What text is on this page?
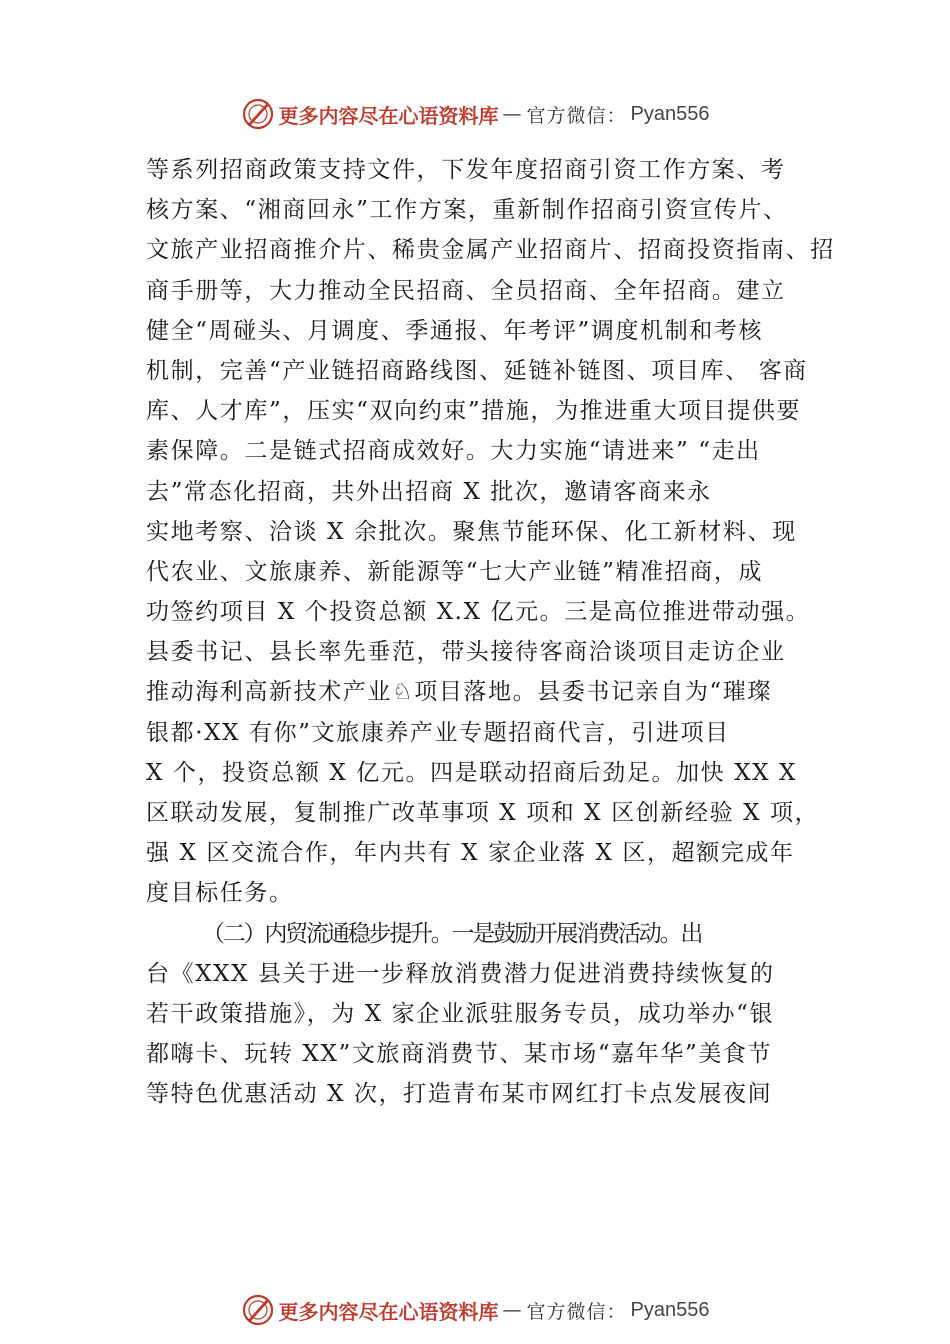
更多内容尽在心语资料库 — 官方微信： Pyan556
等系列招商政策支持文件，下发年度招商引资工作方案、考
核方案、“湘商回永”工作方案，重新制作招商引资宣传片、
文旅产业招商推介片、稀贵金属产业招商片、招商投资指南、招
商手册等，大力推动全民招商、全员招商、全年招商。建立
健全“周碰头、月调度、季通报、年考评”调度机制和考核
机制，完善“产业链招商路线图、延链补链图、项目库、 客商
库、人才库”，压实“双向约束”措施，为推进重大项目提供要
素保障。二是链式招商成效好。大力实施“请进来” “走出
去”常态化招商，共外出招商 X 批次，邀请客商来永
实地考察、洽谈 X 余批次。聚焦节能环保、化工新材料、现
代农业、文旅康养、新能源等“七大产业链”精准招商，成
功签约项目 X 个投资总额 X.X 亿元。三是高位推进带动强。
县委书记、县长率先垂范，带头接待客商洽谈项目走访企业
推动海利高新技术产业♘项目落地。县委书记亲自为“璀璨
银都·XX 有你”文旅康养产业专题招商代言，引进项目
X 个，投资总额 X 亿元。四是联动招商后劲足。加快 XX X
区联动发展，复制推广改革事项 X 项和 X 区创新经验 X 项，
强 X 区交流合作，年内共有 X 家企业落 X 区，超额完成年
度目标任务。
（二）内贸流通稳步提升。一是鼓励开展消费活动。出
台《XXX 县关于进一步释放消费潜力促进消费持续恢复的
若干政策措施》，为 X 家企业派驻服务专员，成功举办“银
都嗨卡、玩转 XX”文旅商消费节、某市场“嘉年华”美食节
等特色优惠活动 X 次，打造青布某市网红打卡点发展夜间
更多内容尽在心语资料库 — 官方微信： Pyan556
